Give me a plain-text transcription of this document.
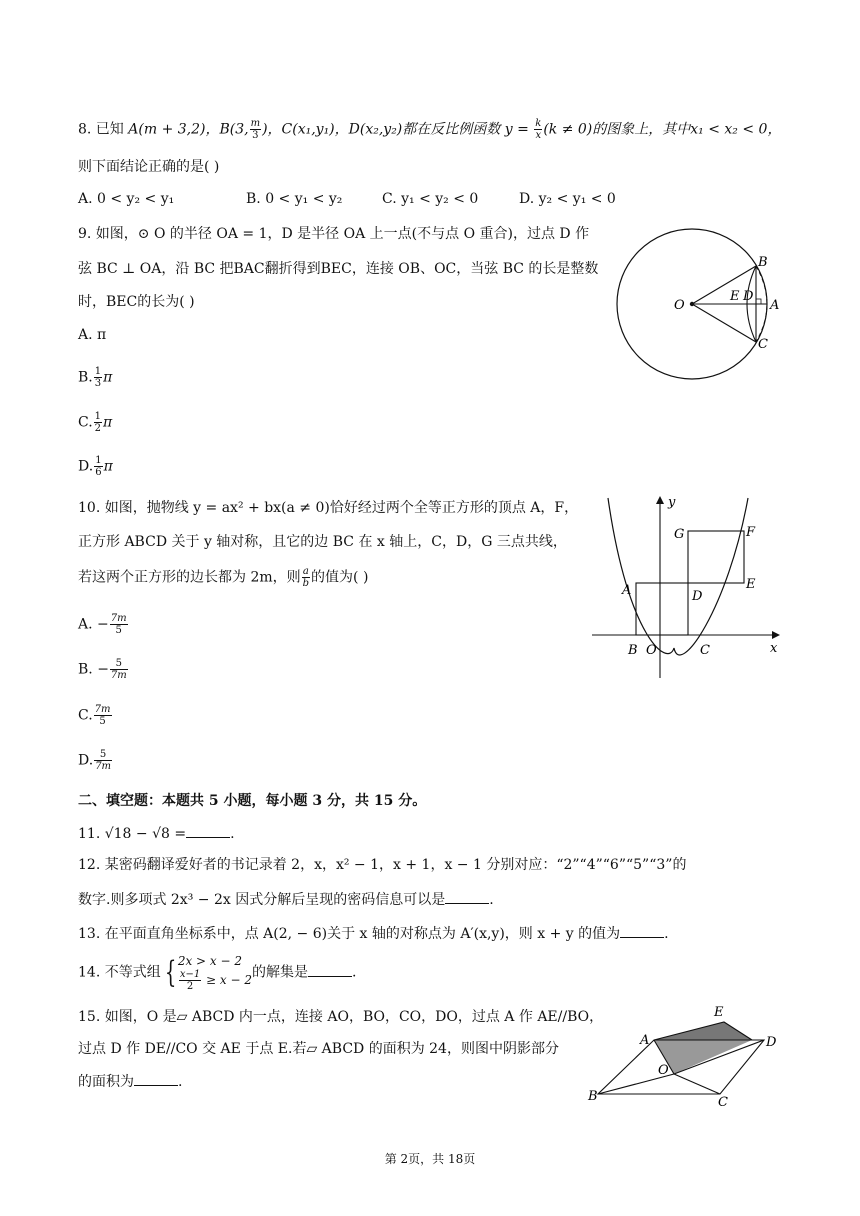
8. 已知 A(m + 3,2)，B(3, $\frac{m}{3}$ )，C(x₁,y₁)，D(x₂,y₂)都在反比例函数 $y = \frac{k}{x} (k \ne 0)$的图象上，其中x₁ < x₂ < 0，
则下面结论正确的是( )
A. 0 < y₂ < y₁	B. 0 < y₁ < y₂	C. y₁ < y₂ < 0	D. y₂ < y₁ < 0
9. 如图，⊙ O 的半径 OA = 1，D 是半径 OA 上一点(不与点 O 重合)，过点 D 作
弦 BC ⊥ OA，沿 BC 把BAC翻折得到BEC，连接 OB、OC，当弦 BC 的长是整数
时，BEC的长为( )
A. π
B. $\frac{1}{3}$ π
C. $\frac{1}{2}$ π
D. $\frac{1}{6}$ π
O
B
C
E D
A
10. 如图，抛物线 y = ax² + bx(a ≠ 0)恰好经过两个全等正方形的顶点 A，F，
正方形 ABCD 关于 y 轴对称，且它的边 BC 在 x 轴上，C，D，G 三点共线，
若这两个正方形的边长都为 2m，则 $\frac{a}{b}$ 的值为( )
A. − $\frac{7m}{5}$
B. − $\frac{5}{7m}$
C. $\frac{7m}{5}$
D. $\frac{5}{7m}$
y
x
G	F
A	D
E
B O	C
二、填空题：本题共 5 小题，每小题 3 分，共 15 分。
11. √18 − √8 =	.
12. 某密码翻译爱好者的书记录着 2，x，x² − 1，x + 1，x − 1 分别对应：“2”“4”“6”“5”“3”的
数字.则多项式 2x³ − 2x 因式分解后呈现的密码信息可以是	.
13. 在平面直角坐标系中，点 A(2, − 6)关于 x 轴的对称点为 A′(x,y)，则 x + y 的值为	.
14. 不等式组 { 2x > x − 2
$\frac{x-1}{2} \ge x - 2$ 的解集是	.
15. 如图，O 是▱ ABCD 内一点，连接 AO，BO，CO，DO，过点 A 作 AE//BO，
过点 D 作 DE//CO 交 AE 于点 E.若▱ ABCD 的面积为 24，则图中阴影部分
的面积为	.
E
A	D
O
B	C
第 2页，共 18页
